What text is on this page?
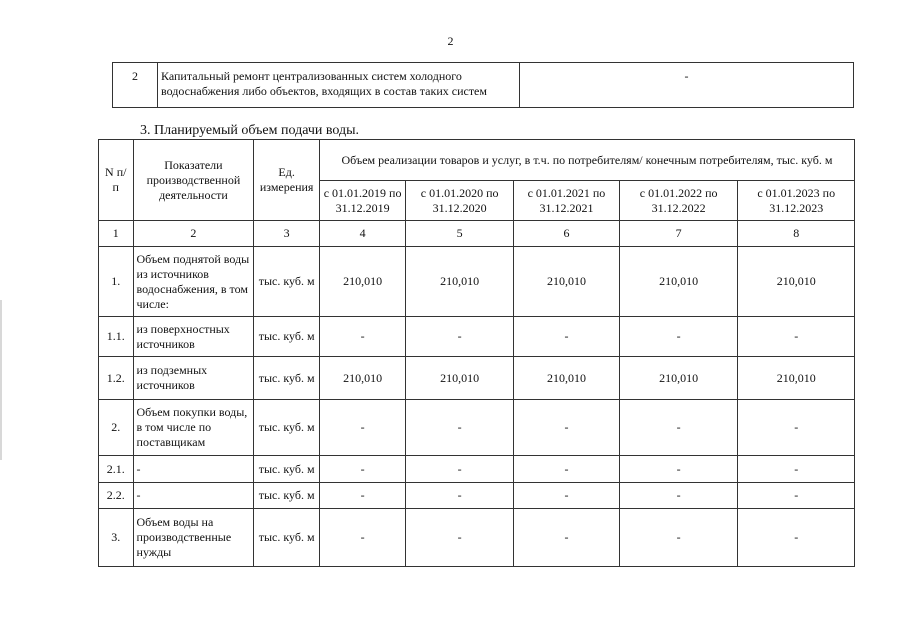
2
2	Капитальный ремонт централизованных систем холодного водоснабжения либо объектов, входящих в состав таких систем	-
3. Планируемый объем подачи воды.
N п/п	Показатели производственной деятельности	Ед. измерения	Объем реализации товаров и услуг, в т.ч. по потребителям/ конечным потребителям, тыс. куб. м				
			с 01.01.2019 по 31.12.2019	с 01.01.2020 по 31.12.2020	с 01.01.2021 по 31.12.2021	с 01.01.2022 по 31.12.2022	с 01.01.2023 по 31.12.2023
1	2	3	4	5	6	7	8
1.	Объем поднятой воды из источников водоснабжения, в том числе:	тыс. куб. м	210,010	210,010	210,010	210,010	210,010
1.1.	из поверхностных источников	тыс. куб. м	-	-	-	-	-
1.2.	из подземных источников	тыс. куб. м	210,010	210,010	210,010	210,010	210,010
2.	Объем покупки воды, в том числе по поставщикам	тыс. куб. м	-	-	-	-	-
2.1.	-	тыс. куб. м	-	-	-	-	-
2.2.	-	тыс. куб. м	-	-	-	-	-
3.	Объем воды на производственные нужды	тыс. куб. м	-	-	-	-	-
